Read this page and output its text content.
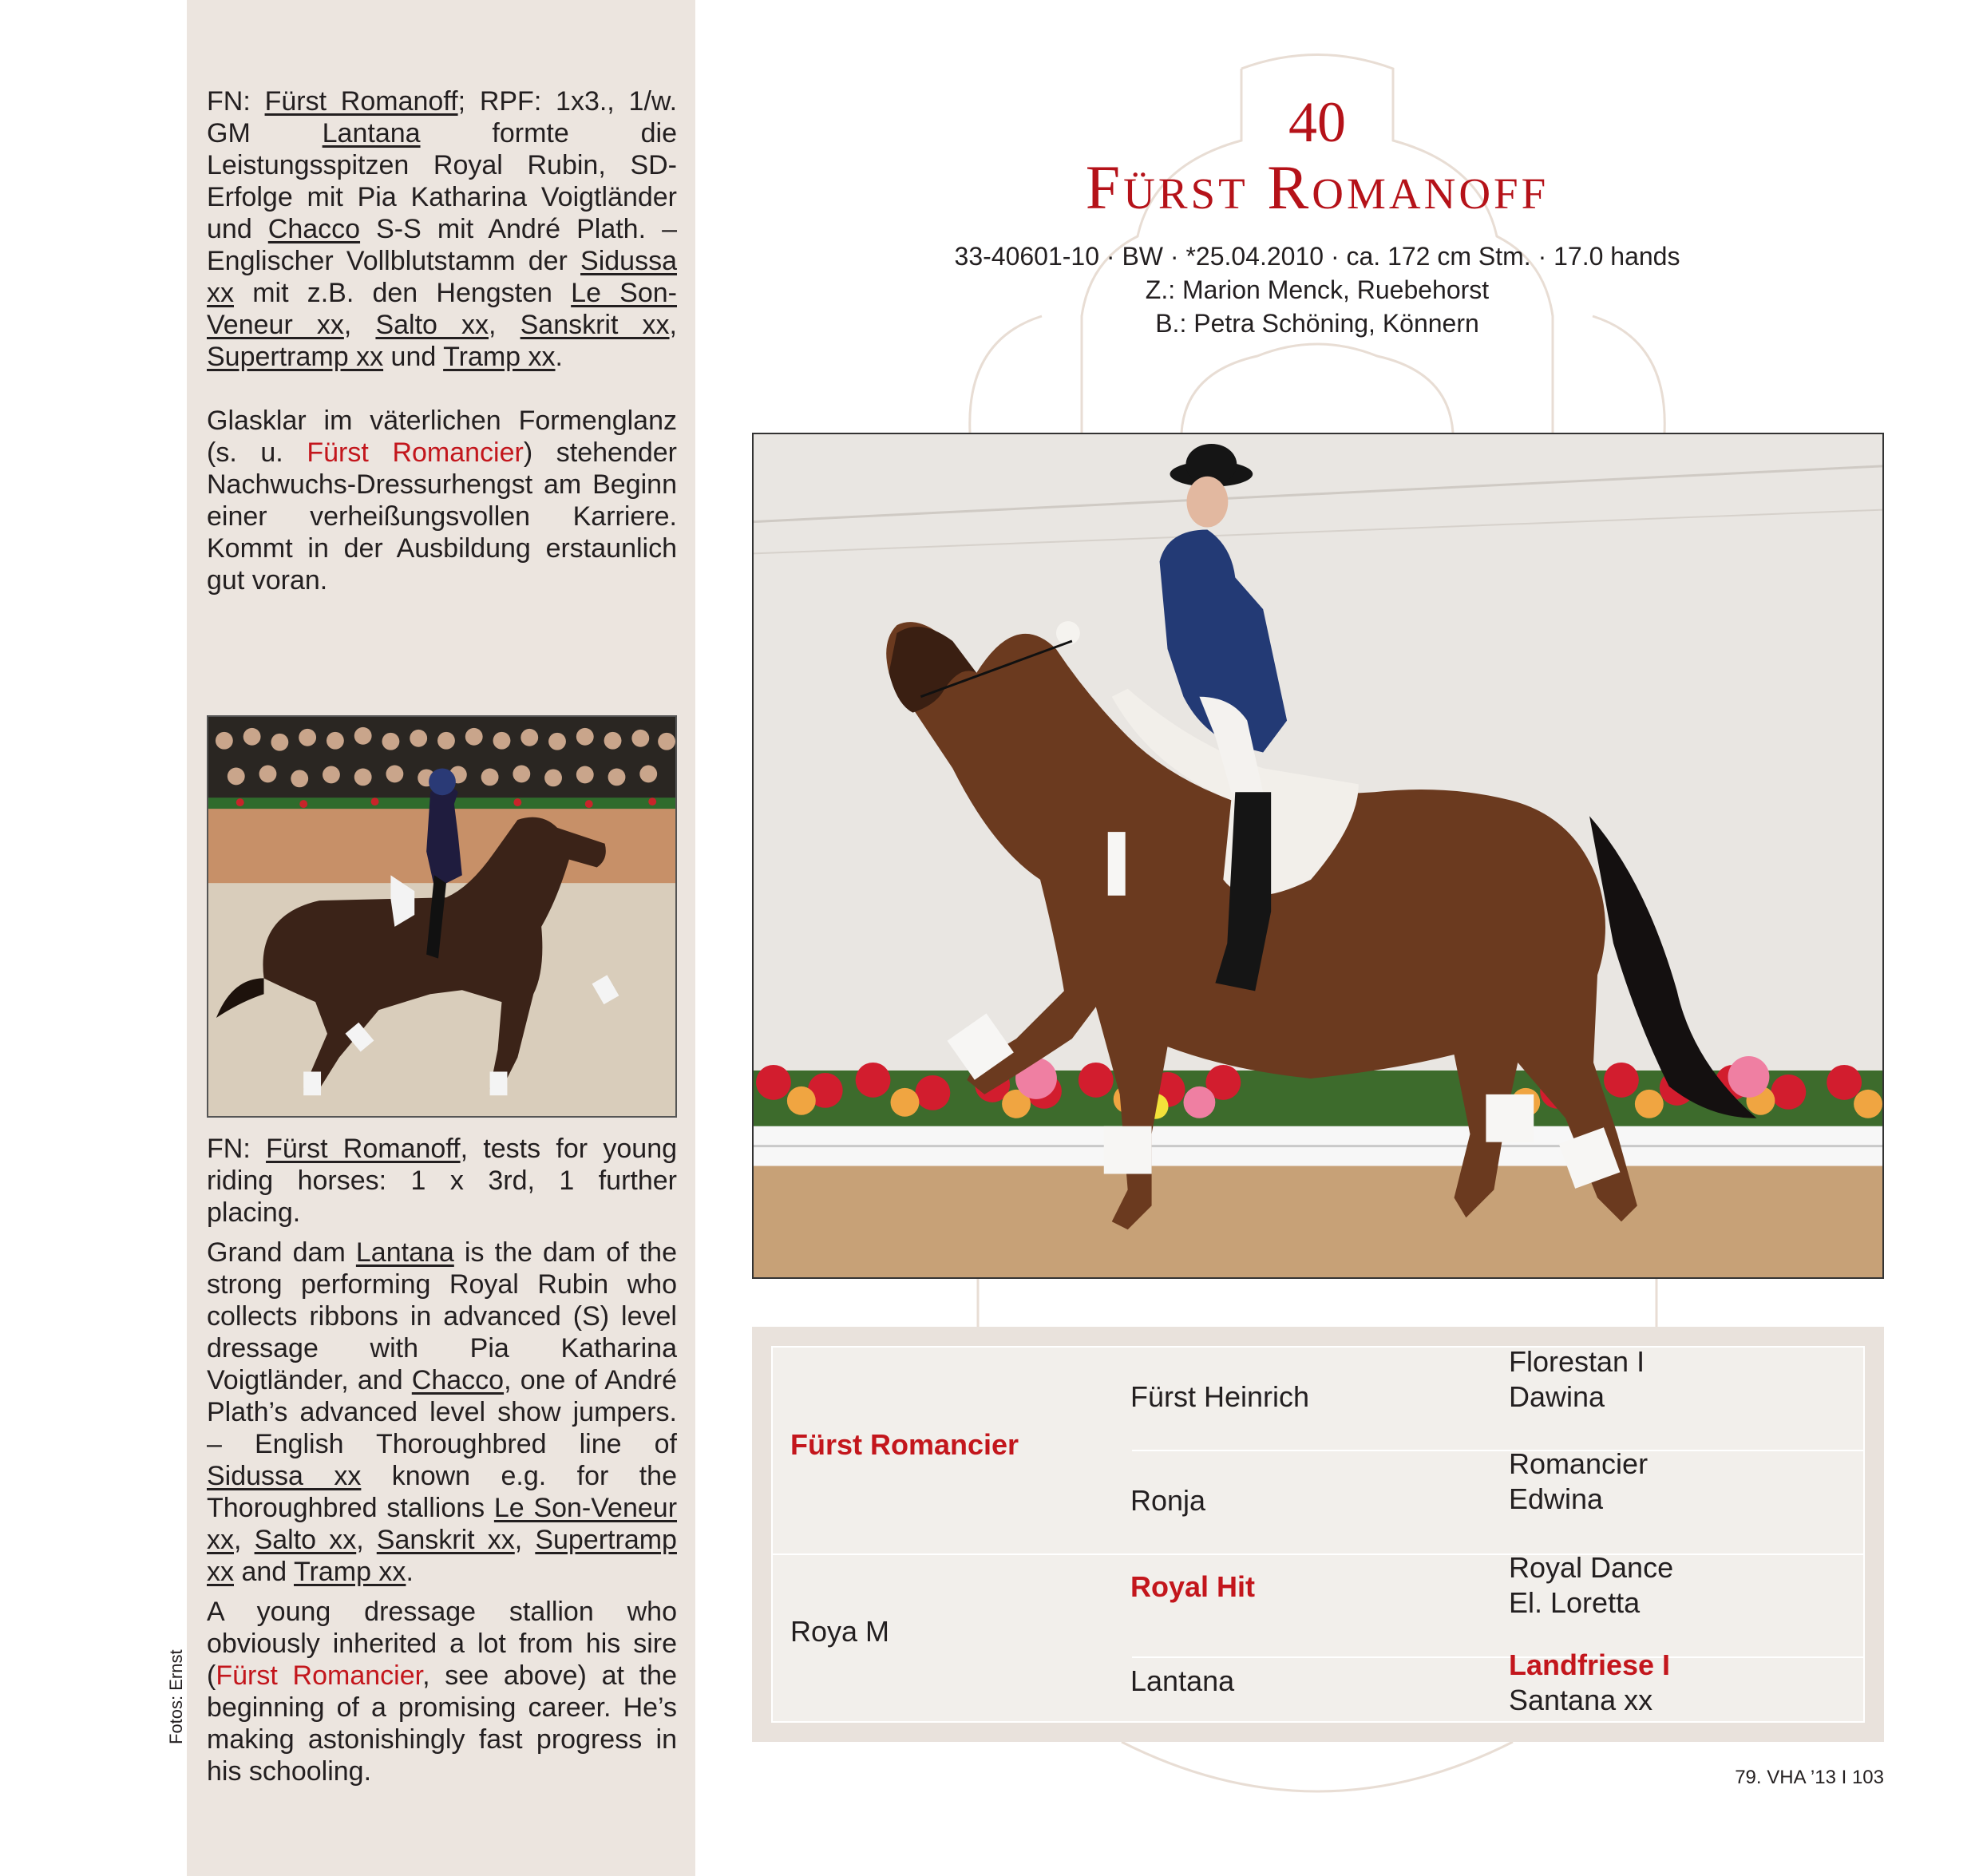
FN: Fürst Romanoff; RPF: 1x3., 1/w. GM Lantana formte die Leistungsspitzen Royal Rubin, SD-Erfolge mit Pia Katharina Voigtländer und Chacco S-S mit André Plath. – Englischer Vollblutstamm der Sidussa xx mit z.B. den Hengsten Le Son-Veneur xx, Salto xx, Sanskrit xx, Supertramp xx und Tramp xx.

Glasklar im väterlichen Formenglanz (s. u. Fürst Romancier) stehender Nachwuchs-Dressurhengst am Beginn einer verheißungsvollen Karriere. Kommt in der Ausbildung erstaunlich gut voran.

FN: Fürst Romanoff, tests for young riding horses: 1 x 3rd, 1 further placing.

Grand dam Lantana is the dam of the strong performing Royal Rubin who collects ribbons in advanced (S) level dressage with Pia Katharina Voigtländer, and Chacco, one of André Plath’s advanced level show jumpers. – English Thoroughbred line of Sidussa xx known e.g. for the Thoroughbred stallions Le Son-Veneur xx, Salto xx, Sanskrit xx, Supertramp xx and Tramp xx.

A young dressage stallion who obviously inherited a lot from his sire (Fürst Romancier, see above) at the beginning of a promising career. He’s making astonishingly fast progress in his schooling.

Fotos: Ernst
40
Fürst Romanoff
33-40601-10 · BW · *25.04.2010 · ca. 172 cm Stm. · 17.0 hands
Z.: Marion Menck, Ruebehorst
B.: Petra Schöning, Könnern
Fürst Romancier
Roya M
Fürst Heinrich
Ronja
Royal Hit
Lantana
Florestan I
Dawina
Romancier
Edwina
Royal Dance
El. Loretta
Landfriese I
Santana xx
79. VHA ’13 I 103
